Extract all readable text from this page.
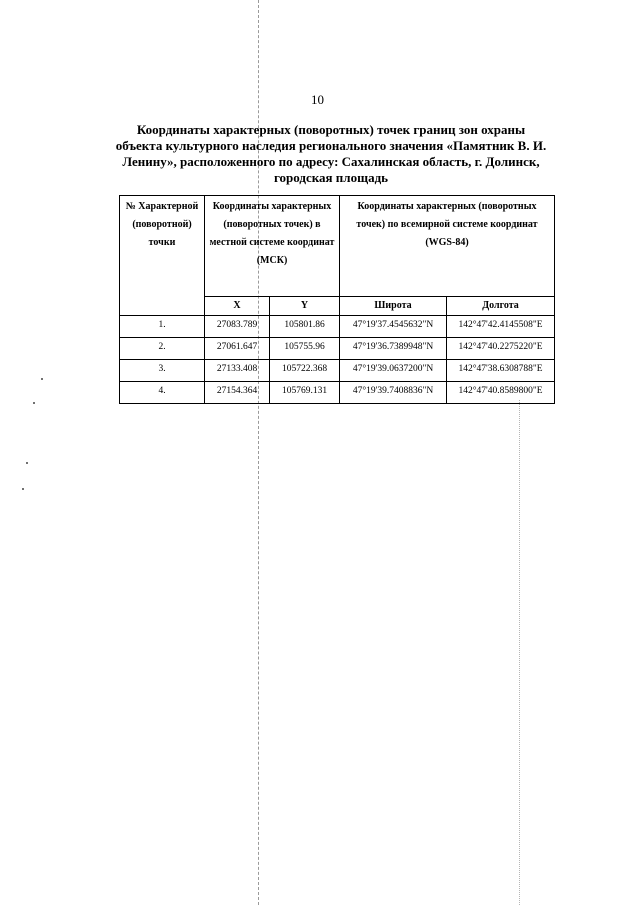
10
Координаты характерных (поворотных) точек границ зон охраны
объекта культурного наследия регионального значения «Памятник В. И.
Ленину», расположенного по адресу: Сахалинская область, г. Долинск,
городская площадь
№ Характерной (поворотной) точки	Координаты характерных (поворотных точек) в местной системе координат (МСК)		Координаты характерных (поворотных точек) по всемирной системе координат (WGS-84)	
	X	Y	Широта	Долгота
1.	27083.789	105801.86	47°19'37.4545632"N	142°47'42.4145508"E
2.	27061.647	105755.96	47°19'36.7389948"N	142°47'40.2275220"E
3.	27133.408	105722.368	47°19'39.0637200"N	142°47'38.6308788"E
4.	27154.364	105769.131	47°19'39.7408836"N	142°47'40.8589800"E
